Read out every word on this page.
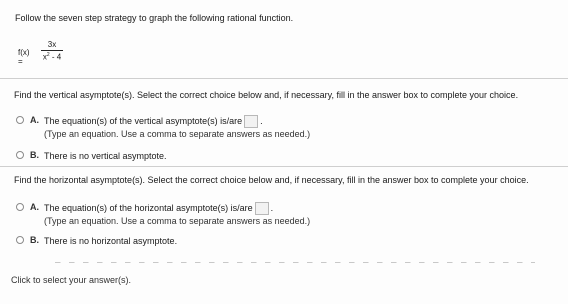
Follow the seven step strategy to graph the following rational function.
f(x) =
3x
$x^2 - 4$
Find the vertical asymptote(s). Select the correct choice below and, if necessary, fill in the answer box to complete your choice.
A. The equation(s) of the vertical asymptote(s) is/are .
(Type an equation. Use a comma to separate answers as needed.)
B. There is no vertical asymptote.
Find the horizontal asymptote(s). Select the correct choice below and, if necessary, fill in the answer box to complete your choice.
A. The equation(s) of the horizontal asymptote(s) is/are .
(Type an equation. Use a comma to separate answers as needed.)
B. There is no horizontal asymptote.
Click to select your answer(s).
